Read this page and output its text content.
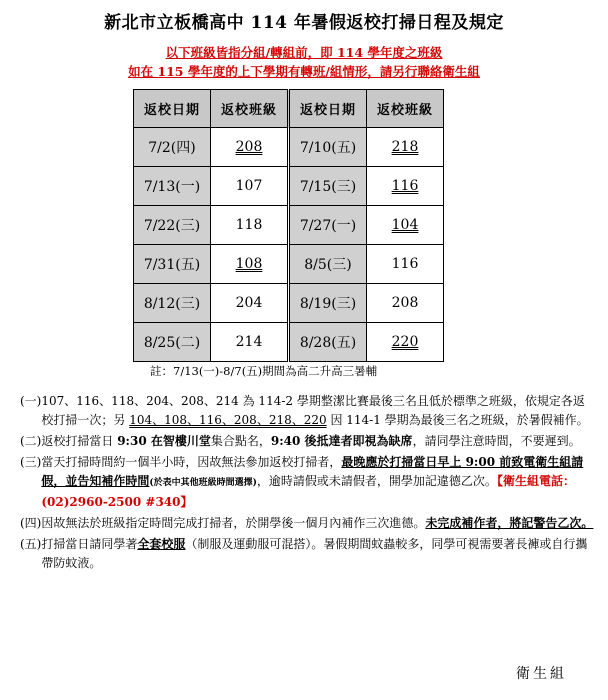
新北市立板橋高中 114 年暑假返校打掃日程及規定
以下班級皆指分組/轉組前，即 114 學年度之班級
如在 115 學年度的上下學期有轉班/組情形，請另行聯絡衛生組
返校日期	返校班級	返校日期	返校班級
7/2(四)	208	7/10(五)	218
7/13(一)	107	7/15(三)	116
7/22(三)	118	7/27(一)	104
7/31(五)	108	8/5(三)	116
8/12(三)	204	8/19(三)	208
8/25(二)	214	8/28(五)	220
註：7/13(一)-8/7(五)期間為高二升高三暑輔
(一) 107、116、118、204、208、214 為 114-2 學期整潔比賽最後三名且低於標準之班級，依規定各返校打掃一次；另 104、108、116、208、218、220 因 114-1 學期為最後三名之班級，於暑假補作。
(二) 返校打掃當日 9:30 在智樓川堂集合點名，9:40 後抵達者即視為缺席，請同學注意時間，不要遲到。
(三) 當天打掃時間約一個半小時，因故無法參加返校打掃者，最晚應於打掃當日早上 9:00 前致電衛生組請假，並告知補作時間(於表中其他班級時間選擇)，逾時請假或未請假者，開學加記違德乙次。【衛生組電話：(02)2960-2500 #340】
(四) 因故無法於班級指定時間完成打掃者，於開學後一個月內補作三次進德。未完成補作者，將記警告乙次。
(五) 打掃當日請同學著全套校服（制服及運動服可混搭）。暑假期間蚊蟲較多，同學可視需要著長褲或自行攜帶防蚊液。
衛生組
